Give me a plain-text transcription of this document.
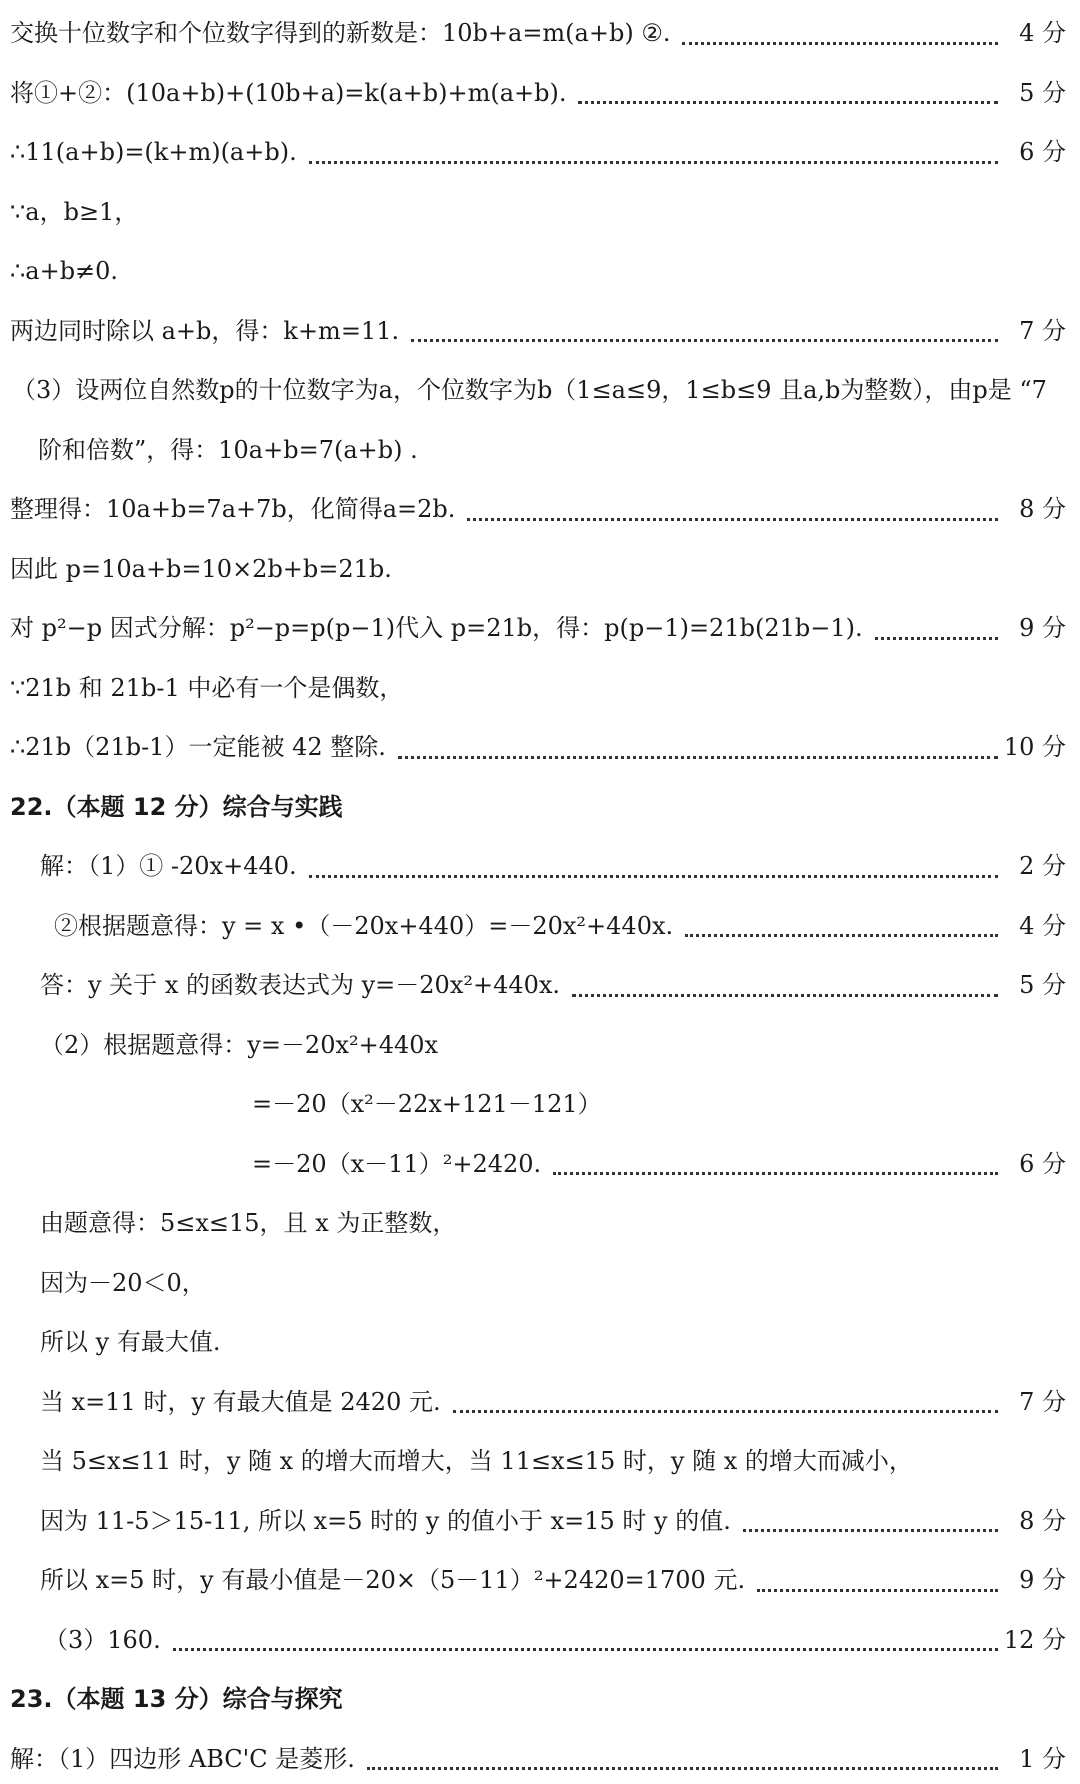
交换十位数字和个位数字得到的新数是：10b+a=m(a+b) ②.	4 分
将①+②：(10a+b)+(10b+a)=k(a+b)+m(a+b).	5 分
∴11(a+b)=(k+m)(a+b).	6 分
∵a，b≥1，
∴a+b≠0.
两边同时除以 a+b，得：k+m=11.	7 分
（3）设两位自然数p的十位数字为a，个位数字为b（1≤a≤9，1≤b≤9 且a,b为整数），由p是 “7
阶和倍数”，得：10a+b=7(a+b) .
整理得：10a+b=7a+7b，化简得a=2b.	8 分
因此 p=10a+b=10×2b+b=21b.
对 p²−p 因式分解：p²−p=p(p−1)代入 p=21b，得：p(p−1)=21b(21b−1).	9 分
∵21b 和 21b-1 中必有一个是偶数，
∴21b（21b-1）一定能被 42 整除.	10 分
22.（本题 12 分）综合与实践
解：（1）① -20x+440.	2 分
②根据题意得：y = x •（－20x+440）=－20x²+440x.	4 分
答：y 关于 x 的函数表达式为 y=－20x²+440x.	5 分
（2）根据题意得：y=－20x²+440x
=－20（x²－22x+121－121）
=－20（x－11）²+2420.	6 分
由题意得：5≤x≤15，且 x 为正整数，
因为－20＜0，
所以 y 有最大值.
当 x=11 时，y 有最大值是 2420 元.	7 分
当 5≤x≤11 时，y 随 x 的增大而增大，当 11≤x≤15 时，y 随 x 的增大而减小，
因为 11-5＞15-11, 所以 x=5 时的 y 的值小于 x=15 时 y 的值.	8 分
所以 x=5 时，y 有最小值是－20×（5－11）²+2420=1700 元.	9 分
（3）160.	12 分
23.（本题 13 分）综合与探究
解：（1）四边形 ABC'C 是菱形.	1 分
